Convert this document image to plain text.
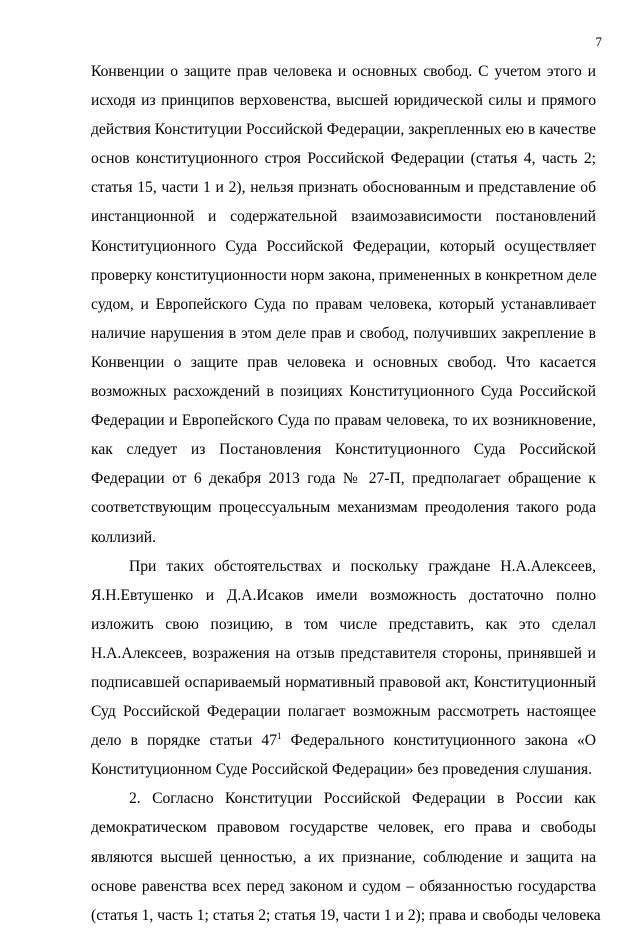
7
Конвенции о защите прав человека и основных свобод. С учетом этого и
исходя из принципов верховенства, высшей юридической силы и прямого
действия Конституции Российской Федерации, закрепленных ею в качестве
основ конституционного строя Российской Федерации (статья 4, часть 2;
статья 15, части 1 и 2), нельзя признать обоснованным и представление об
инстанционной и содержательной взаимозависимости постановлений
Конституционного Суда Российской Федерации, который осуществляет
проверку конституционности норм закона, примененных в конкретном деле
судом, и Европейского Суда по правам человека, который устанавливает
наличие нарушения в этом деле прав и свобод, получивших закрепление в
Конвенции о защите прав человека и основных свобод. Что касается
возможных расхождений в позициях Конституционного Суда Российской
Федерации и Европейского Суда по правам человека, то их возникновение,
как следует из Постановления Конституционного Суда Российской
Федерации от 6 декабря 2013 года № 27-П, предполагает обращение к
соответствующим процессуальным механизмам преодоления такого рода
коллизий.
При таких обстоятельствах и поскольку граждане Н.А.Алексеев,
Я.Н.Евтушенко и Д.А.Исаков имели возможность достаточно полно
изложить свою позицию, в том числе представить, как это сделал
Н.А.Алексеев, возражения на отзыв представителя стороны, принявшей и
подписавшей оспариваемый нормативный правовой акт, Конституционный
Суд Российской Федерации полагает возможным рассмотреть настоящее
дело в порядке статьи $47^1$ Федерального конституционного закона «О
Конституционном Суде Российской Федерации» без проведения слушания.
2. Согласно Конституции Российской Федерации в России как
демократическом правовом государстве человек, его права и свободы
являются высшей ценностью, а их признание, соблюдение и защита на
основе равенства всех перед законом и судом – обязанностью государства
(статья 1, часть 1; статья 2; статья 19, части 1 и 2); права и свободы человека
